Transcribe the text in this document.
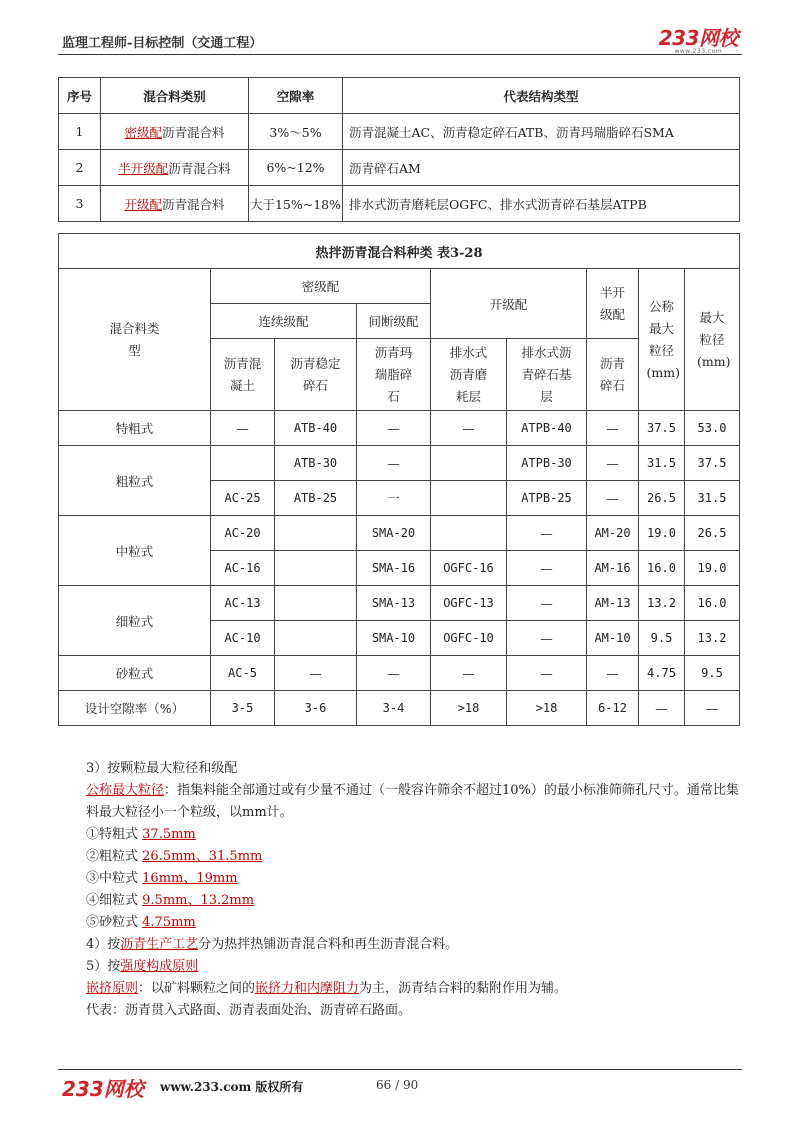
监理工程师-目标控制（交通工程）	233网校
www.233.com
序号	混合料类别	空隙率	代表结构类型
1	密级配沥青混合料	3%～5%	沥青混凝土AC、沥青稳定碎石ATB、沥青玛瑞脂碎石SMA
2	半开级配沥青混合料	6%~12%	沥青碎石AM
3	开级配沥青混合料	大于15%~18%	排水式沥青磨耗层OGFC、排水式沥青碎石基层ATPB
热拌沥青混合料种类 表3-28								

混合料类型	密级配			开级配		半开级配	公称最大粒径(mm)	最大粒径(mm)

	连续级配		间断级配					

	沥青混凝土	沥青稳定碎石	沥青玛瑞脂碎石	排水式沥青磨耗层	排水式沥青碎石基层	沥青碎石		

特粗式	—	ATB-40	—	—	ATPB-40	—	37.5	53.0
粗粒式		ATB-30	—		ATPB-30	—	31.5	37.5
	AC-25	ATB-25	一		ATPB-25	—	26.5	31.5
中粒式	AC-20		SMA-20		—	AM-20	19.0	26.5
	AC-16		SMA-16	OGFC-16	—	AM-16	16.0	19.0
细粒式	AC-13		SMA-13	OGFC-13	—	AM-13	13.2	16.0
	AC-10		SMA-10	OGFC-10	—	AM-10	9.5	13.2
砂粒式	AC-5	—	—	—	—	—	4.75	9.5
设计空隙率（%）	3-5	3-6	3-4	>18	>18	6-12	—	—
3）按颗粒最大粒径和级配
公称最大粒径：指集料能全部通过或有少量不通过（一般容许筛余不超过10%）的最小标准筛筛孔尺寸。通常比集料最大粒径小一个粒级，以mm计。
①特粗式 37.5mm
②粗粒式 26.5mm、31.5mm
③中粒式 16mm、19mm
④细粒式 9.5mm、13.2mm
⑤砂粒式 4.75mm
4）按沥青生产工艺分为热拌热铺沥青混合料和再生沥青混合料。
5）按强度构成原则
嵌挤原则：以矿料颗粒之间的嵌挤力和内摩阻力为主，沥青结合料的黏附作用为辅。
代表：沥青贯入式路面、沥青表面处治、沥青碎石路面。
233网校 www.233.com 版权所有	66 / 90
